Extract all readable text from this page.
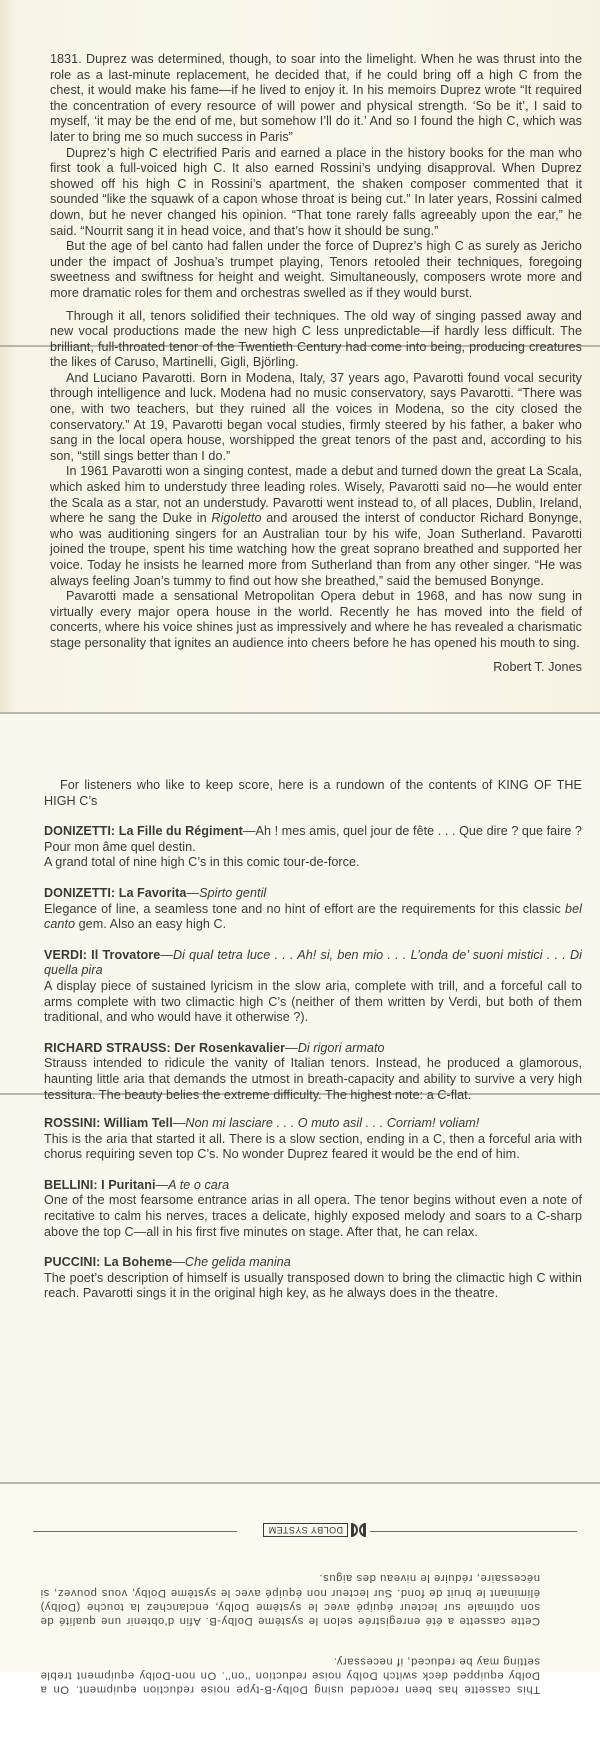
1831. Duprez was determined, though, to soar into the limelight. When he was thrust into the role as a last-minute replacement, he decided that, if he could bring off a high C from the chest, it would make his fame—if he lived to enjoy it. In his memoirs Duprez wrote “It required the concentration of every resource of will power and physical strength. ‘So be it’, I said to myself, ‘it may be the end of me, but somehow I’ll do it.’ And so I found the high C, which was later to bring me so much success in Paris”

Duprez’s high C electrified Paris and earned a place in the history books for the man who first took a full-voiced high C. It also earned Rossini’s undying disapproval. When Duprez showed off his high C in Rossini’s apartment, the shaken composer commented that it sounded “like the squawk of a capon whose throat is being cut.” In later years, Rossini calmed down, but he never changed his opinion. “That tone rarely falls agreeably upon the ear,” he said. “Nourrit sang it in head voice, and that’s how it should be sung.”

But the age of bel canto had fallen under the force of Duprez’s high C as surely as Jericho under the impact of Joshua’s trumpet playing, Tenors retooled their techniques, foregoing sweetness and swiftness for height and weight. Simultaneously, composers wrote more and more dramatic roles for them and orchestras swelled as if they would burst.

Through it all, tenors solidified their techniques. The old way of singing passed away and new vocal productions made the new high C less unpredictable—if hardly less difficult. The brilliant, full-throated tenor of the Twentieth Century had come into being, producing creatures the likes of Caruso, Martinelli, Gigli, Björling.

And Luciano Pavarotti. Born in Modena, Italy, 37 years ago, Pavarotti found vocal security through intelligence and luck. Modena had no music conservatory, says Pavarotti. “There was one, with two teachers, but they ruined all the voices in Modena, so the city closed the conservatory.” At 19, Pavarotti began vocal studies, firmly steered by his father, a baker who sang in the local opera house, worshipped the great tenors of the past and, according to his son, “still sings better than I do.”

In 1961 Pavarotti won a singing contest, made a debut and turned down the great La Scala, which asked him to understudy three leading roles. Wisely, Pavarotti said no—he would enter the Scala as a star, not an understudy. Pavarotti went instead to, of all places, Dublin, Ireland, where he sang the Duke in Rigoletto and aroused the interst of conductor Richard Bonynge, who was auditioning singers for an Australian tour by his wife, Joan Sutherland. Pavarotti joined the troupe, spent his time watching how the great soprano breathed and supported her voice. Today he insists he learned more from Sutherland than from any other singer. “He was always feeling Joan’s tummy to find out how she breathed,” said the bemused Bonynge.

Pavarotti made a sensational Metropolitan Opera debut in 1968, and has now sung in virtually every major opera house in the world. Recently he has moved into the field of concerts, where his voice shines just as impressively and where he has revealed a charismatic stage personality that ignites an audience into cheers before he has opened his mouth to sing.

Robert T. Jones

For listeners who like to keep score, here is a rundown of the contents of KING OF THE HIGH C’s

DONIZETTI: La Fille du Régiment—Ah ! mes amis, quel jour de fête . . . Que dire ? que faire ? Pour mon âme quel destin.
A grand total of nine high C’s in this comic tour-de-force.

DONIZETTI: La Favorita—Spirto gentil
Elegance of line, a seamless tone and no hint of effort are the requirements for this classic bel canto gem. Also an easy high C.

VERDI: Il Trovatore—Di qual tetra luce . . . Ah! si, ben mio . . . L’onda de’ suoni mistici . . . Di quella pira
A display piece of sustained lyricism in the slow aria, complete with trill, and a forceful call to arms complete with two climactic high C’s (neither of them written by Verdi, but both of them traditional, and who would have it otherwise ?).

RICHARD STRAUSS: Der Rosenkavalier—Di rigori armato
Strauss intended to ridicule the vanity of Italian tenors. Instead, he produced a glamorous, haunting little aria that demands the utmost in breath-capacity and ability to survive a very high tessitura. The beauty belies the extreme difficulty. The highest note: a C-flat.

ROSSINI: William Tell—Non mi lasciare . . . O muto asil . . . Corriam! voliam!
This is the aria that started it all. There is a slow section, ending in a C, then a forceful aria with chorus requiring seven top C’s. No wonder Duprez feared it would be the end of him.

BELLINI: I Puritani—A te o cara
One of the most fearsome entrance arias in all opera. The tenor begins without even a note of recitative to calm his nerves, traces a delicate, highly exposed melody and soars to a C-sharp above the top C—all in his first five minutes on stage. After that, he can relax.

PUCCINI: La Boheme—Che gelida manina
The poet’s description of himself is usually transposed down to bring the climactic high C within reach. Pavarotti sings it in the original high key, as he always does in the theatre.

DOLBY SYSTEM

Cette cassette a été enregistrée selon le système Dolby-B. Afin d’obtenir une qualité de son optimale sur lecteur équipé avec le système Dolby, enclanchez la touche (Dolby) éliminant le bruit de fond. Sur lecteur non équipé avec le système Dolby, vous pouvez, si nécessaire, réduire le niveau des aigus.

This cassette has been recorded using Dolby-B-type noise reduction equipment. On a Dolby equipped deck switch Dolby noise reduction ‘‘on’’. On non-Dolby equipment treble setting may be reduced, if necessary.
